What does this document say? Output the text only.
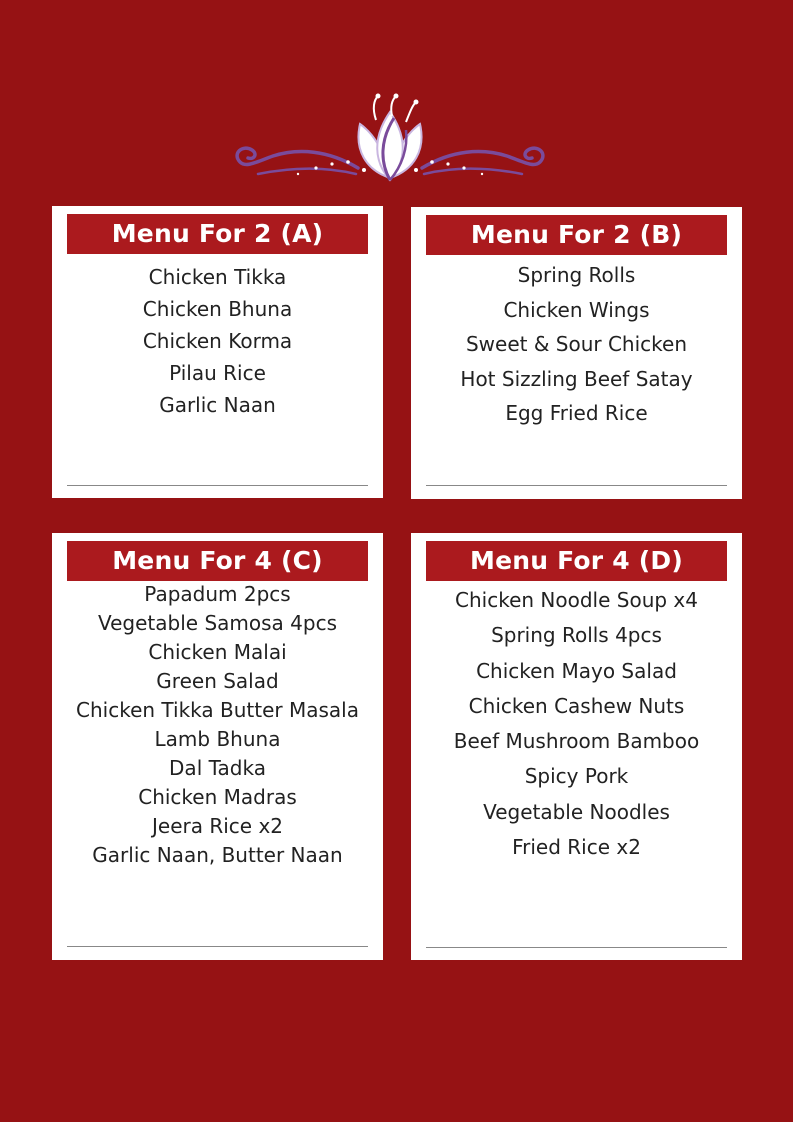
Menu For 2 (A)
Chicken Tikka
Chicken Bhuna
Chicken Korma
Pilau Rice
Garlic Naan
Menu For 2 (B)
Spring Rolls
Chicken Wings
Sweet & Sour Chicken
Hot Sizzling Beef Satay
Egg Fried Rice
Menu For 4 (C)
Papadum 2pcs
Vegetable Samosa 4pcs
Chicken Malai
Green Salad
Chicken Tikka Butter Masala
Lamb Bhuna
Dal Tadka
Chicken Madras
Jeera Rice x2
Garlic Naan, Butter Naan
Menu For 4 (D)
Chicken Noodle Soup x4
Spring Rolls 4pcs
Chicken Mayo Salad
Chicken Cashew Nuts
Beef Mushroom Bamboo
Spicy Pork
Vegetable Noodles
Fried Rice x2
